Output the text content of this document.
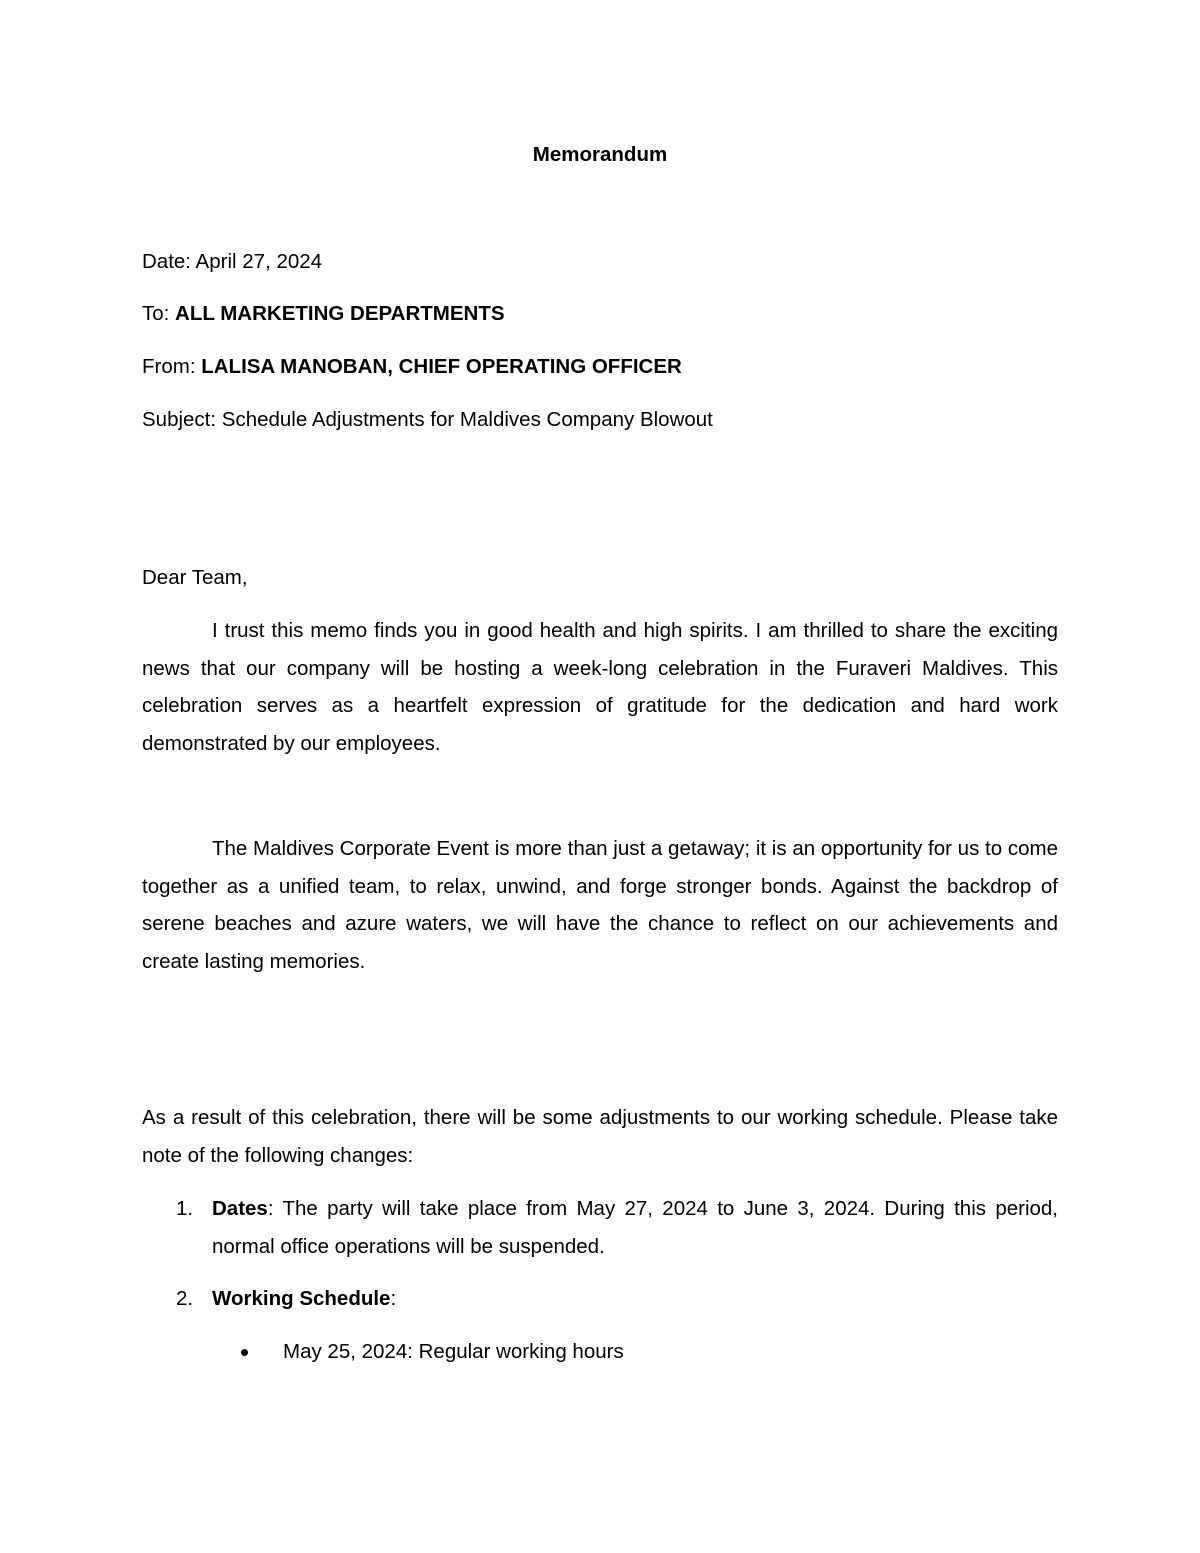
Memorandum
Date: April 27, 2024
To: ALL MARKETING DEPARTMENTS
From: LALISA MANOBAN, CHIEF OPERATING OFFICER
Subject: Schedule Adjustments for Maldives Company Blowout
Dear Team,
I trust this memo finds you in good health and high spirits. I am thrilled to share the exciting news that our company will be hosting a week-long celebration in the Furaveri Maldives. This celebration serves as a heartfelt expression of gratitude for the dedication and hard work demonstrated by our employees.
The Maldives Corporate Event is more than just a getaway; it is an opportunity for us to come together as a unified team, to relax, unwind, and forge stronger bonds. Against the backdrop of serene beaches and azure waters, we will have the chance to reflect on our achievements and create lasting memories.
As a result of this celebration, there will be some adjustments to our working schedule. Please take note of the following changes:
1. Dates: The party will take place from May 27, 2024 to June 3, 2024. During this period, normal office operations will be suspended.
2. Working Schedule:
May 25, 2024: Regular working hours
